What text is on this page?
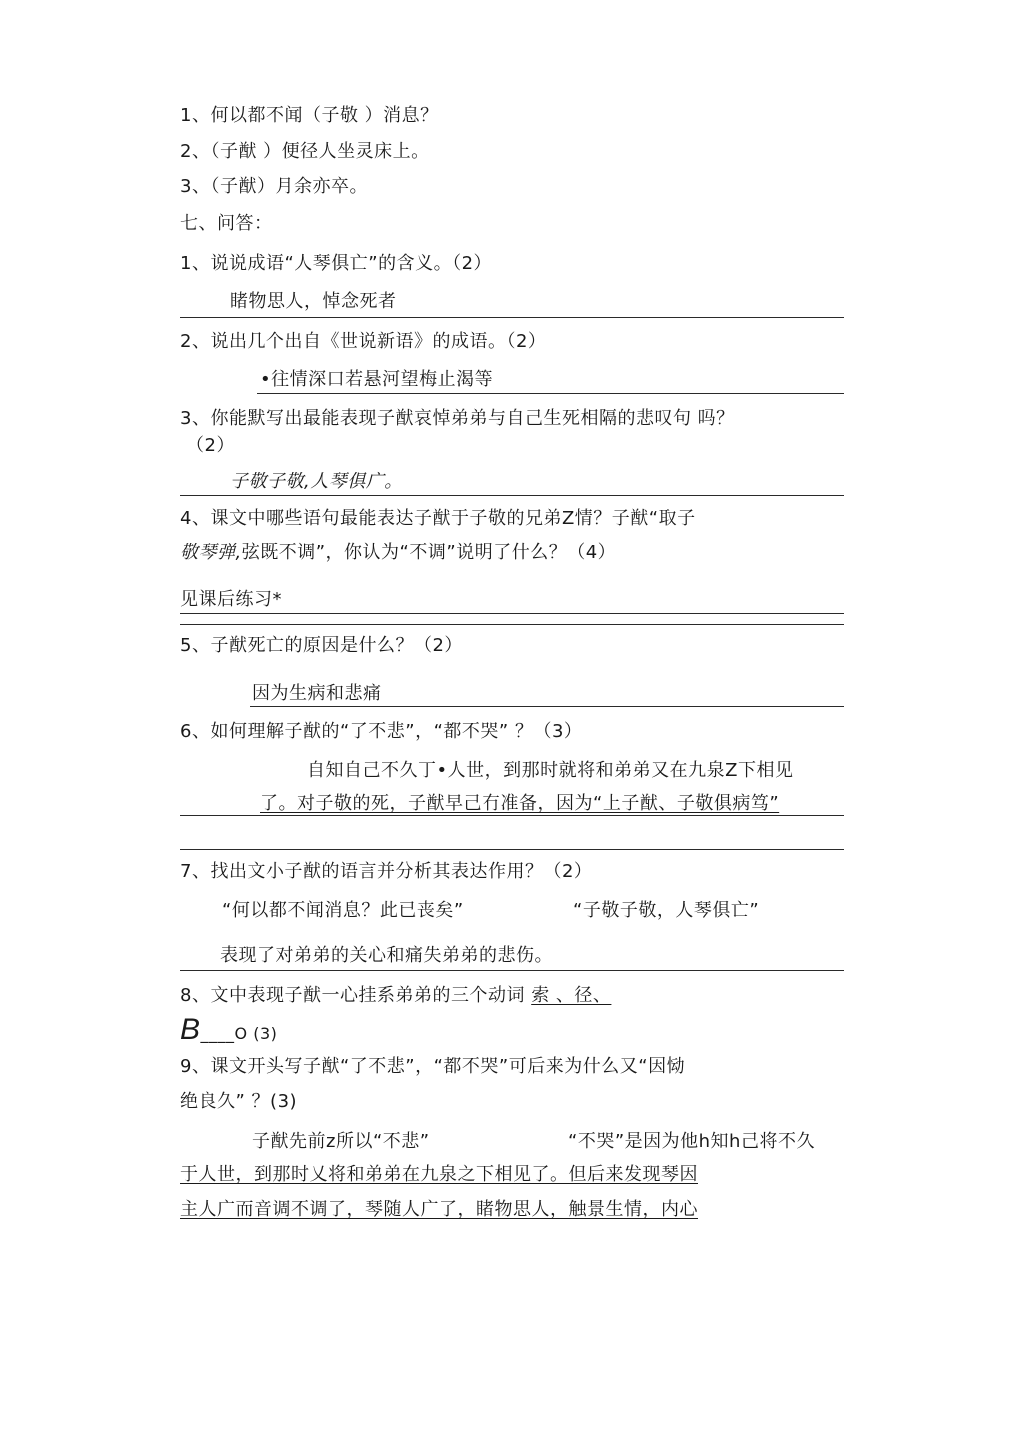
1、何以都不闻（子敬 ）消息？
2、（子猷 ）便径人坐灵床上。
3、（子猷）月余亦卒。
七、问答：
1、说说成语“人琴俱亡”的含义。（2）
睹物思人，悼念死者
2、说出几个出自《世说新语》的成语。（2）
•往情深口若悬河望梅止渴等
3、你能默写出最能表现子猷哀悼弟弟与自己生死相隔的悲叹句 吗？
（2）
子敬子敬,人琴俱广。
4、课文中哪些语句最能表达子猷于子敬的兄弟Z情？子猷“取子
敬琴弹,弦既不调”，你认为“不调”说明了什么？（4）
见课后练习*
5、子猷死亡的原因是什么？（2）
因为生病和悲痛
6、如何理解子猷的“了不悲”，“都不哭” ？（3）
自知自己不久丁•人世，到那时就将和弟弟又在九泉Z下相见
了。对子敬的死，子猷早己冇准备，因为“上子猷、子敬俱病笃”
7、找出文小子猷的语言并分析其表达作用？（2）
“何以都不闻消息？此已丧矣”	“子敬子敬，人琴俱亡”
表现了对弟弟的关心和痛失弟弟的悲伤。
8、文中表现子猷一心挂系弟弟的三个动词 索 、径、
B____O (3)
9、课文开头写子猷“了不悲”，“都不哭”可后来为什么又“因恸
绝良久” ？(3)
子猷先前z所以“不悲”	“不哭”是因为他h知h己将不久
于人世，到那时乂将和弟弟在九泉之下相见了。但后来发现琴因
主人广而音调不调了，琴随人广了，睹物思人，触景生情，内心
